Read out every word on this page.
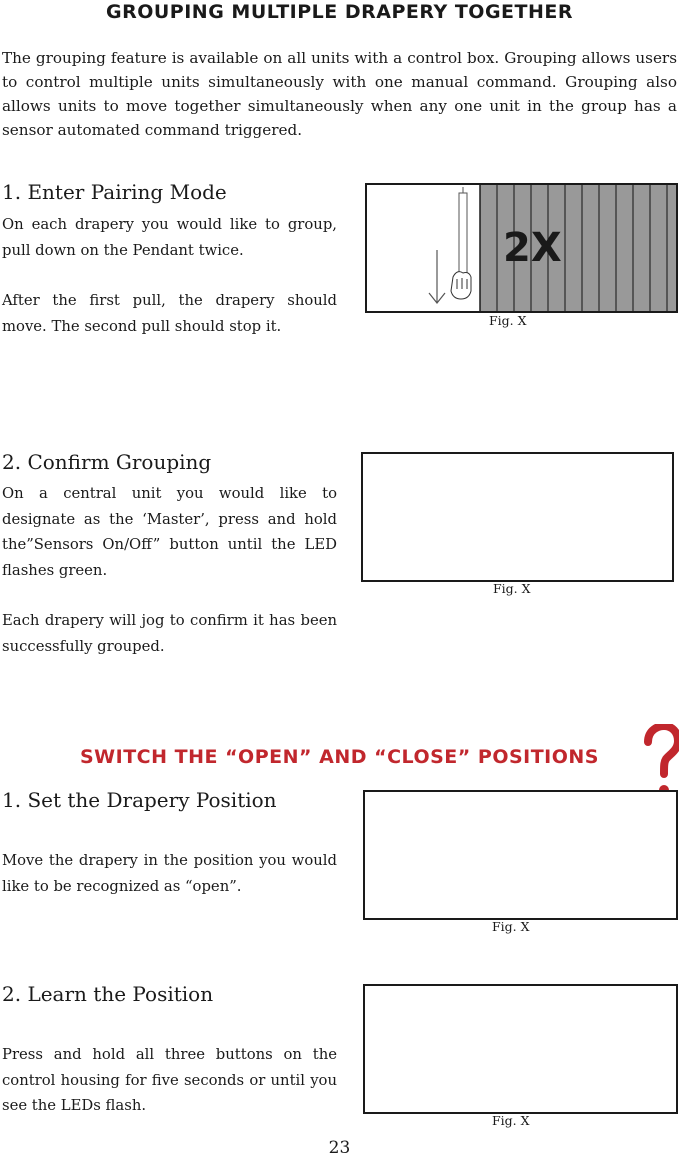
GROUPING MULTIPLE DRAPERY TOGETHER
The grouping feature is available on all units with a control box. Grouping allows users to control multiple units simultaneously with one manual command. Grouping also allows units to move together simultaneously when any one unit in the group has a sensor automated command triggered.
1. Enter Pairing Mode

On each drapery you would like to group, pull down on the Pendant twice.

After the first pull, the drapery should move. The second pull should stop it.

2X
Fig. X
2. Confirm Grouping

On a central unit you would like to designate as the ‘Master’, press and hold the”Sensors On/Off” button until the LED flashes green.

Each drapery will jog to confirm it has been successfully grouped.

Fig. X
SWITCH THE “OPEN” AND “CLOSE” POSITIONS
1. Set the Drapery Position

Move the drapery in the position you would like to be recognized as “open”.

Fig. X
2. Learn the Position

Press and hold all three buttons on the control housing for five seconds or until you see the LEDs flash.

Fig. X
23
